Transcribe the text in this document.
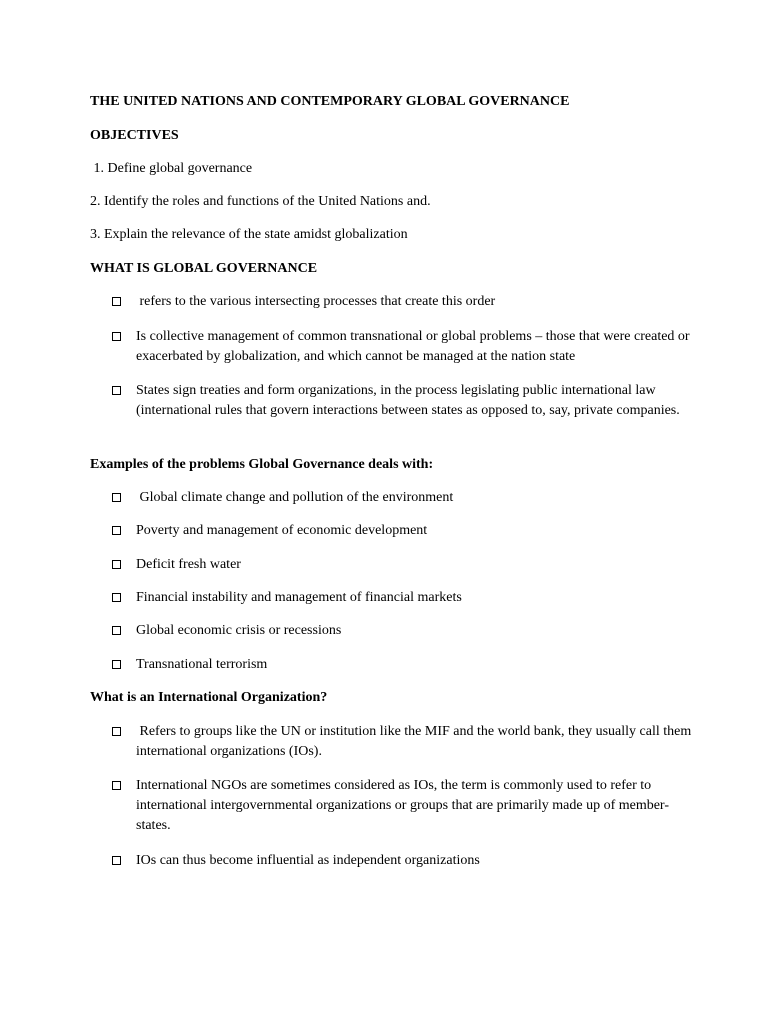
THE UNITED NATIONS AND CONTEMPORARY GLOBAL GOVERNANCE

OBJECTIVES

1. Define global governance

2. Identify the roles and functions of the United Nations and.

3. Explain the relevance of the state amidst globalization

WHAT IS GLOBAL GOVERNANCE

refers to the various intersecting processes that create this order
Is collective management of common transnational or global problems – those that were created or exacerbated by globalization, and which cannot be managed at the nation state
States sign treaties and form organizations, in the process legislating public international law (international rules that govern interactions between states as opposed to, say, private companies.

Examples of the problems Global Governance deals with:

Global climate change and pollution of the environment
Poverty and management of economic development
Deficit fresh water
Financial instability and management of financial markets
Global economic crisis or recessions
Transnational terrorism

What is an International Organization?

Refers to groups like the UN or institution like the MIF and the world bank, they usually call them international organizations (IOs).
International NGOs are sometimes considered as IOs, the term is commonly used to refer to international intergovernmental organizations or groups that are primarily made up of member-states.
IOs can thus become influential as independent organizations
